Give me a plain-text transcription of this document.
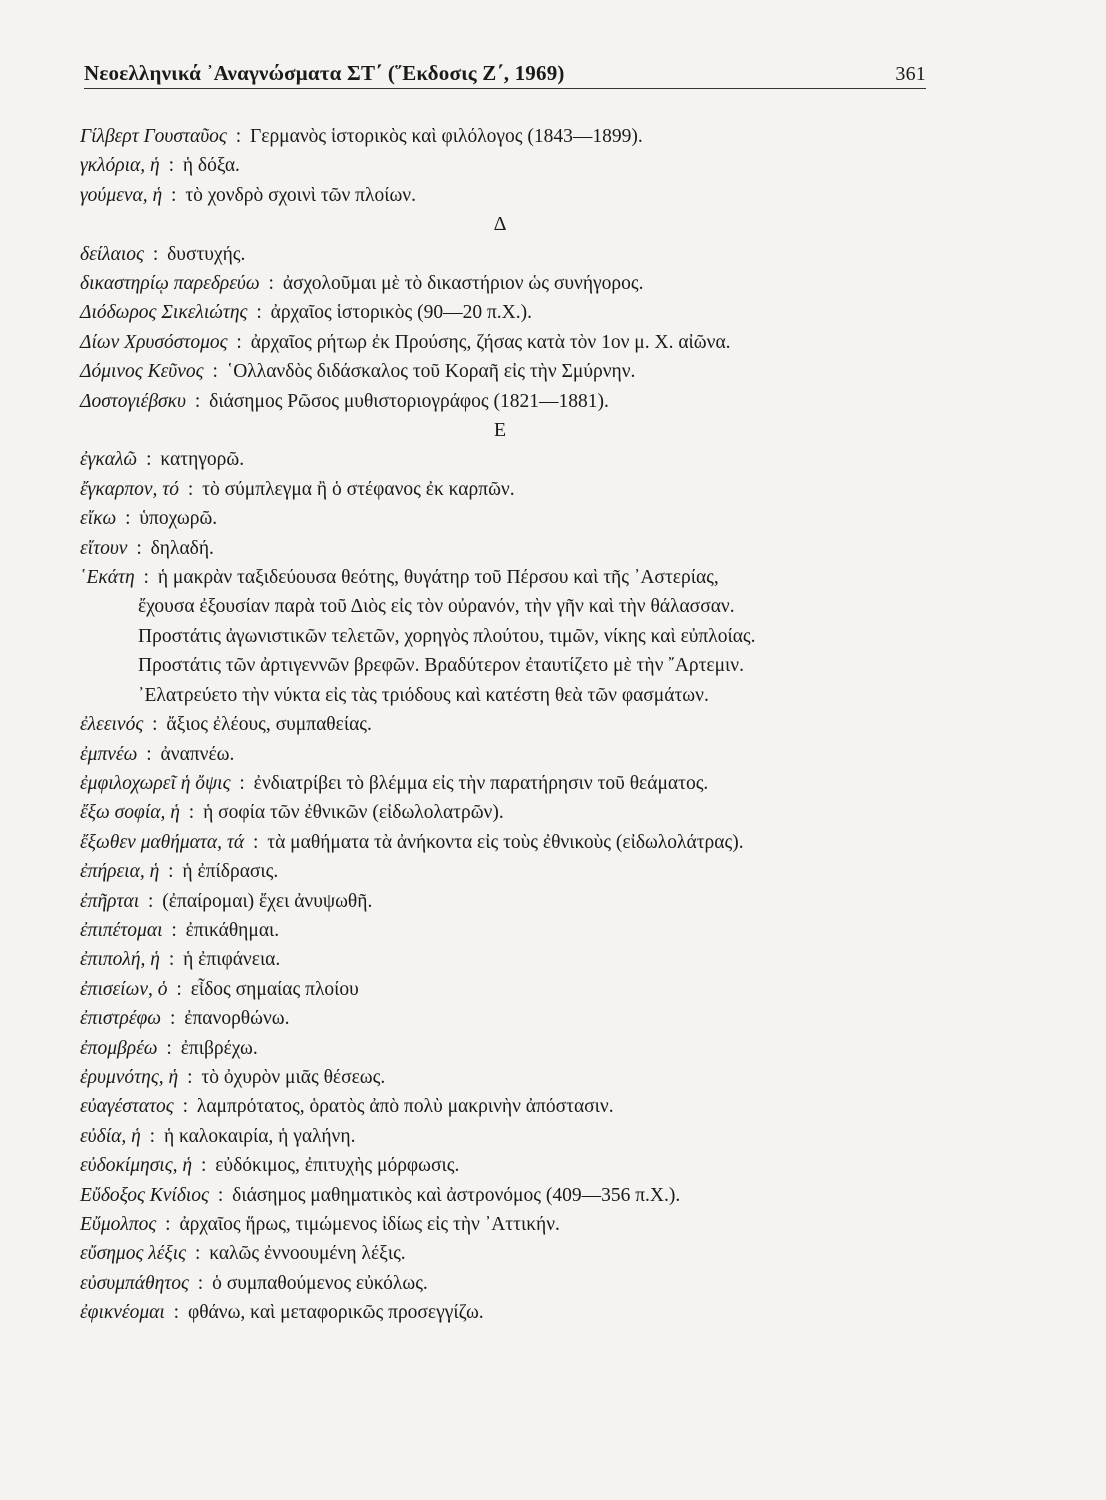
Νεοελληνικά ᾽Αναγνώσματα ΣΤ΄ (῞Εκδοσις Ζ΄, 1969)	361
Γίλβερτ Γουσταῦος : Γερμανὸς ἱστορικὸς καὶ φιλόλογος (1843—1899).
γκλόρια, ἡ : ἡ δόξα.
γούμενα, ἡ : τὸ χονδρὸ σχοινὶ τῶν πλοίων.
Δ
δείλαιος : δυστυχής.
δικαστηρίῳ παρεδρεύω : ἀσχολοῦμαι μὲ τὸ δικαστήριον ὡς συνήγορος.
Διόδωρος Σικελιώτης : ἀρχαῖος ἱστορικὸς (90—20 π.Χ.).
Δίων Χρυσόστομος : ἀρχαῖος ρήτωρ ἐκ Προύσης, ζήσας κατὰ τὸν 1ον μ. Χ. αἰῶνα.
Δόμινος Κεῦνος : ῾Ολλανδὸς διδάσκαλος τοῦ Κοραῆ εἰς τὴν Σμύρνην.
Δοστογιέβσκυ : διάσημος Ρῶσος μυθιστοριογράφος (1821—1881).
Ε
ἐγκαλῶ : κατηγορῶ.
ἔγκαρπον, τό : τὸ σύμπλεγμα ἢ ὁ στέφανος ἐκ καρπῶν.
εἴκω : ὑποχωρῶ.
εἴτουν : δηλαδή.
῾Εκάτη : ἡ μακρὰν ταξιδεύουσα θεότης, θυγάτηρ τοῦ Πέρσου καὶ τῆς ᾽Αστερίας,
ἔχουσα ἐξουσίαν παρὰ τοῦ Διὸς εἰς τὸν οὐρανόν, τὴν γῆν καὶ τὴν θάλασσαν.
Προστάτις ἀγωνιστικῶν τελετῶν, χορηγὸς πλούτου, τιμῶν, νίκης καὶ εὐπλοίας.
Προστάτις τῶν ἀρτιγεννῶν βρεφῶν. Βραδύτερον ἐταυτίζετο μὲ τὴν ῎Αρτεμιν.
᾽Ελατρεύετο τὴν νύκτα εἰς τὰς τριόδους καὶ κατέστη θεὰ τῶν φασμάτων.
ἐλεεινός : ἄξιος ἐλέους, συμπαθείας.
ἐμπνέω : ἀναπνέω.
ἐμφιλοχωρεῖ ἡ ὄψις : ἐνδιατρίβει τὸ βλέμμα εἰς τὴν παρατήρησιν τοῦ θεάματος.
ἔξω σοφία, ἡ : ἡ σοφία τῶν ἐθνικῶν (εἰδωλολατρῶν).
ἔξωθεν μαθήματα, τά : τὰ μαθήματα τὰ ἀνήκοντα εἰς τοὺς ἐθνικοὺς (εἰδωλολάτρας).
ἐπήρεια, ἡ : ἡ ἐπίδρασις.
ἐπῆρται : (ἐπαίρομαι) ἔχει ἀνυψωθῆ.
ἐπιπέτομαι : ἐπικάθημαι.
ἐπιπολή, ἡ : ἡ ἐπιφάνεια.
ἐπισείων, ὁ : εἶδος σημαίας πλοίου
ἐπιστρέφω : ἐπανορθώνω.
ἐπομβρέω : ἐπιβρέχω.
ἐρυμνότης, ἡ : τὸ ὀχυρὸν μιᾶς θέσεως.
εὐαγέστατος : λαμπρότατος, ὁρατὸς ἀπὸ πολὺ μακρινὴν ἀπόστασιν.
εὐδία, ἡ : ἡ καλοκαιρία, ἡ γαλήνη.
εὐδοκίμησις, ἡ : εὐδόκιμος, ἐπιτυχὴς μόρφωσις.
Εὔδοξος Κνίδιος : διάσημος μαθηματικὸς καὶ ἀστρονόμος (409—356 π.Χ.).
Εὔμολπος : ἀρχαῖος ἥρως, τιμώμενος ἰδίως εἰς τὴν ᾽Αττικήν.
εὔσημος λέξις : καλῶς ἐννοουμένη λέξις.
εὐσυμπάθητος : ὁ συμπαθούμενος εὐκόλως.
ἐφικνέομαι : φθάνω, καὶ μεταφορικῶς προσεγγίζω.
